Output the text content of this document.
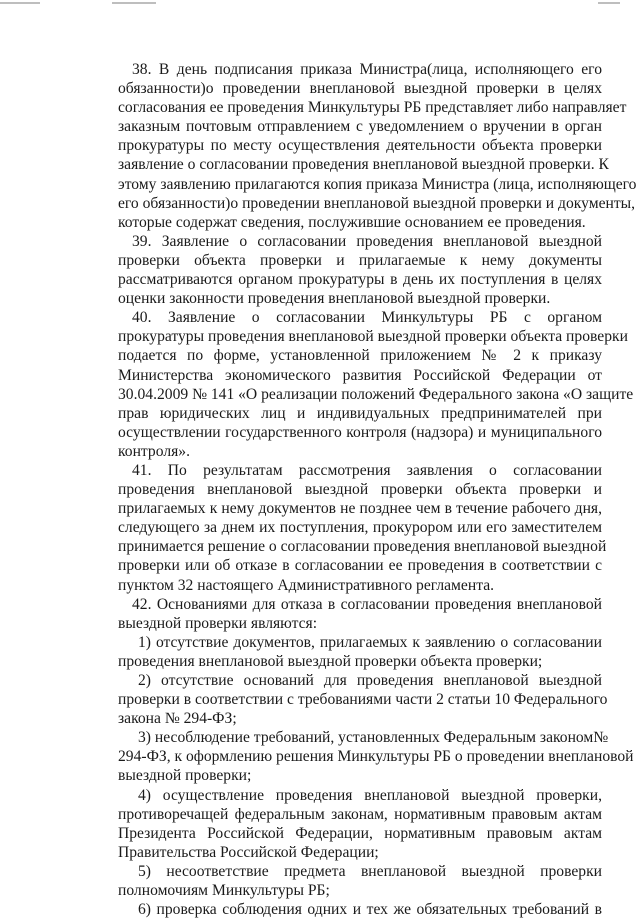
38. В день подписания приказа Министра(лица, исполняющего его
обязанности)о проведении внеплановой выездной проверки в целях
согласования ее проведения Минкультуры РБ представляет либо направляет
заказным почтовым отправлением с уведомлением о вручении в орган
прокуратуры по месту осуществления деятельности объекта проверки
заявление о согласовании проведения внеплановой выездной проверки. К
этому заявлению прилагаются копия приказа Министра (лица, исполняющего
его обязанности)о проведении внеплановой выездной проверки и документы,
которые содержат сведения, послужившие основанием ее проведения.
39. Заявление о согласовании проведения внеплановой выездной
проверки объекта проверки и прилагаемые к нему документы
рассматриваются органом прокуратуры в день их поступления в целях
оценки законности проведения внеплановой выездной проверки.
40. Заявление о согласовании Минкультуры РБ с органом
прокуратуры проведения внеплановой выездной проверки объекта проверки
подается по форме, установленной приложением № 2 к приказу
Министерства экономического развития Российской Федерации от
30.04.2009 № 141 «О реализации положений Федерального закона «О защите
прав юридических лиц и индивидуальных предпринимателей при
осуществлении государственного контроля (надзора) и муниципального
контроля».
41. По результатам рассмотрения заявления о согласовании
проведения внеплановой выездной проверки объекта проверки и
прилагаемых к нему документов не позднее чем в течение рабочего дня,
следующего за днем их поступления, прокурором или его заместителем
принимается решение о согласовании проведения внеплановой выездной
проверки или об отказе в согласовании ее проведения в соответствии с
пунктом 32 настоящего Административного регламента.
42. Основаниями для отказа в согласовании проведения внеплановой
выездной проверки являются:
1) отсутствие документов, прилагаемых к заявлению о согласовании
проведения внеплановой выездной проверки объекта проверки;
2) отсутствие оснований для проведения внеплановой выездной
проверки в соответствии с требованиями части 2 статьи 10 Федерального
закона № 294-ФЗ;
3) несоблюдение требований, установленных Федеральным законом№
294-ФЗ, к оформлению решения Минкультуры РБ о проведении внеплановой
выездной проверки;
4) осуществление проведения внеплановой выездной проверки,
противоречащей федеральным законам, нормативным правовым актам
Президента Российской Федерации, нормативным правовым актам
Правительства Российской Федерации;
5) несоответствие предмета внеплановой выездной проверки
полномочиям Минкультуры РБ;
6) проверка соблюдения одних и тех же обязательных требований в
